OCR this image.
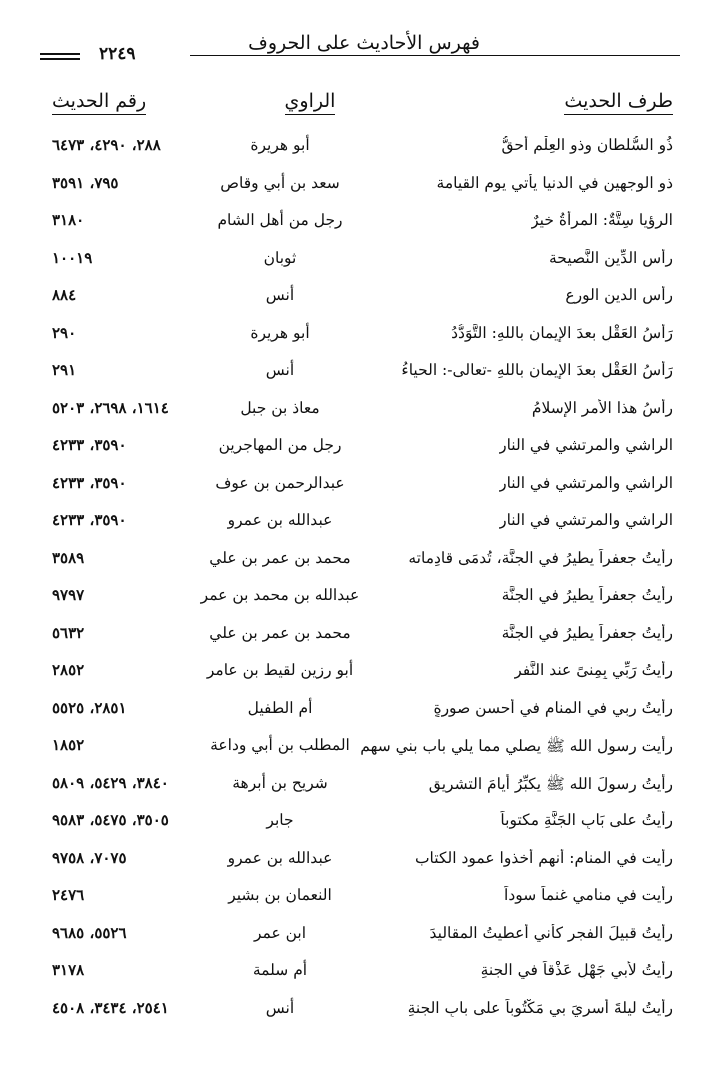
٢٢٤٩	فهرس الأحاديث على الحروف
طرف الحديث
الراوي
رقم الحديث
ذُو السُّلطانِ وذو العِلْمِ أحقُّ
أبو هريرة
٢٨٨، ٤٢٩٠، ٦٤٧٣
ذو الوجهين في الدنيا يأتي يوم القيامة
سعد بن أبي وقاص
٧٩٥، ٣٥٩١
الرؤيا سِتَّةٌ: المرأةُ خيرٌ
رجل من أهل الشام
٣١٨٠
رأس الدِّين النَّصيحة
ثوبان
١٠٠١٩
رأس الدين الورع
أنس
٨٨٤
رَأْسُ العَقْلِ بعدَ الإيمانِ باللهِ: التَّوَدُّدُ
أبو هريرة
٢٩٠
رَأْسُ العَقْلِ بعدَ الإيمانِ باللهِ -تعالى-: الحياءُ
أنس
٢٩١
رأْسُ هذا الأمرِ الإسلامُ
معاذ بن جبل
١٦١٤، ٢٦٩٨، ٥٢٠٣
الراشي والمرتشي في النار
رجل من المهاجرين
٣٥٩٠، ٤٢٣٣
الراشي والمرتشي في النار
عبدالرحمن بن عوف
٣٥٩٠، ٤٢٣٣
الراشي والمرتشي في النار
عبدالله بن عمرو
٣٥٩٠، ٤٢٣٣
رأيتُ جعفراً يطيرُ في الجنَّة، تُدمَى قادِماته
محمد بن عمر بن علي
٣٥٨٩
رأيتُ جعفراً يطيرُ في الجنَّة
عبدالله بن محمد بن عمر
٩٧٩٧
رأيتُ جعفراً يطيرُ في الجنَّة
محمد بن عمر بن علي
٥٦٣٢
رأيتُ رَبِّي بِمِنىً عند النَّفرِ
أبو رزين لقيط بن عامر
٢٨٥٢
رأيتُ ربي في المنام في أحسنِ صورةٍ
أم الطفيل
٢٨٥١، ٥٥٢٥
رأيت رسول الله ﷺ يصلي مما يلي باب بني سهم
المطلب بن أبي وداعة
١٨٥٢
رأيتُ رسولَ الله ﷺ يكبِّرُ أيامَ التشريق
شريح بن أبرهة
٣٨٤٠، ٥٤٢٩، ٥٨٠٩
رأيتُ على بَابِ الجَنَّةِ مكتوباً
جابر
٣٥٠٥، ٥٤٧٥، ٩٥٨٣
رأيت في المنام: أنهم أخذوا عمود الكتاب
عبدالله بن عمرو
٧٠٧٥، ٩٧٥٨
رأيت في منامي غنماً سوداً
النعمان بن بشير
٢٤٧٦
رأيتُ قبيلَ الفجرِ كأني أُعطيتُ المقاليدَ
ابن عمر
٥٥٢٦، ٩٦٨٥
رأيتُ لأبي جَهْلٍ عَذْقاً في الجنةِ
أم سلمة
٣١٧٨
رأيتُ ليلةَ أُسريَ بي مَكْتُوباً على بابِ الجنةِ
أنس
٢٥٤١، ٣٤٣٤، ٤٥٠٨
